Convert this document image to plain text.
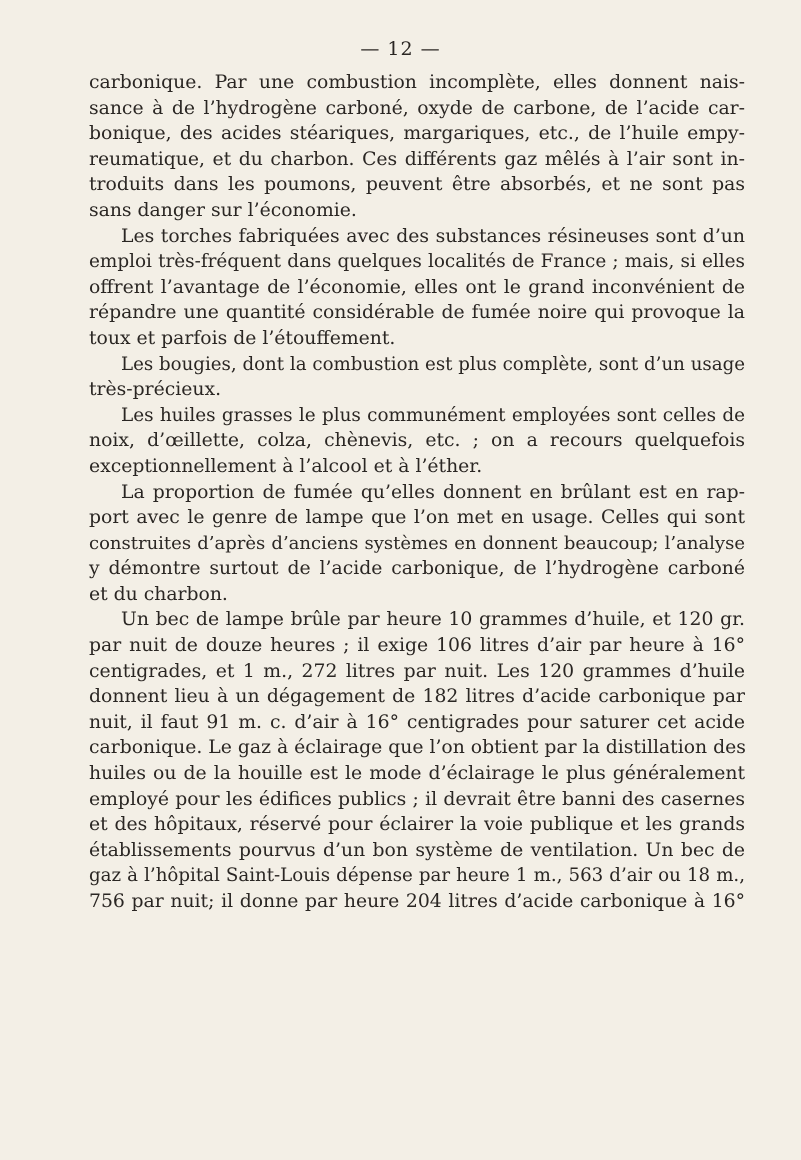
— 12 —
carbonique. Par une combustion incomplète, elles donnent nais-
sance à de l’hydrogène carboné, oxyde de carbone, de l’acide car-
bonique, des acides stéariques, margariques, etc., de l’huile empy-
reumatique, et du charbon. Ces différents gaz mêlés à l’air sont in-
troduits dans les poumons, peuvent être absorbés, et ne sont pas
sans danger sur l’économie.
Les torches fabriquées avec des substances résineuses sont d’un
emploi très-fréquent dans quelques localités de France ; mais, si elles
offrent l’avantage de l’économie, elles ont le grand inconvénient de
répandre une quantité considérable de fumée noire qui provoque la
toux et parfois de l’étouffement.
Les bougies, dont la combustion est plus complète, sont d’un usage
très-précieux.
Les huiles grasses le plus communément employées sont celles de
noix, d’œillette, colza, chènevis, etc. ; on a recours quelquefois
exceptionnellement à l’alcool et à l’éther.
La proportion de fumée qu’elles donnent en brûlant est en rap-
port avec le genre de lampe que l’on met en usage. Celles qui sont
construites d’après d’anciens systèmes en donnent beaucoup; l’analyse
y démontre surtout de l’acide carbonique, de l’hydrogène carboné
et du charbon.
Un bec de lampe brûle par heure 10 grammes d’huile, et 120 gr.
par nuit de douze heures ; il exige 106 litres d’air par heure à 16°
centigrades, et 1 m., 272 litres par nuit. Les 120 grammes d’huile
donnent lieu à un dégagement de 182 litres d’acide carbonique par
nuit, il faut 91 m. c. d’air à 16° centigrades pour saturer cet acide
carbonique. Le gaz à éclairage que l’on obtient par la distillation des
huiles ou de la houille est le mode d’éclairage le plus généralement
employé pour les édifices publics ; il devrait être banni des casernes
et des hôpitaux, réservé pour éclairer la voie publique et les grands
établissements pourvus d’un bon système de ventilation. Un bec de
gaz à l’hôpital Saint-Louis dépense par heure 1 m., 563 d’air ou 18 m.,
756 par nuit; il donne par heure 204 litres d’acide carbonique à 16°
